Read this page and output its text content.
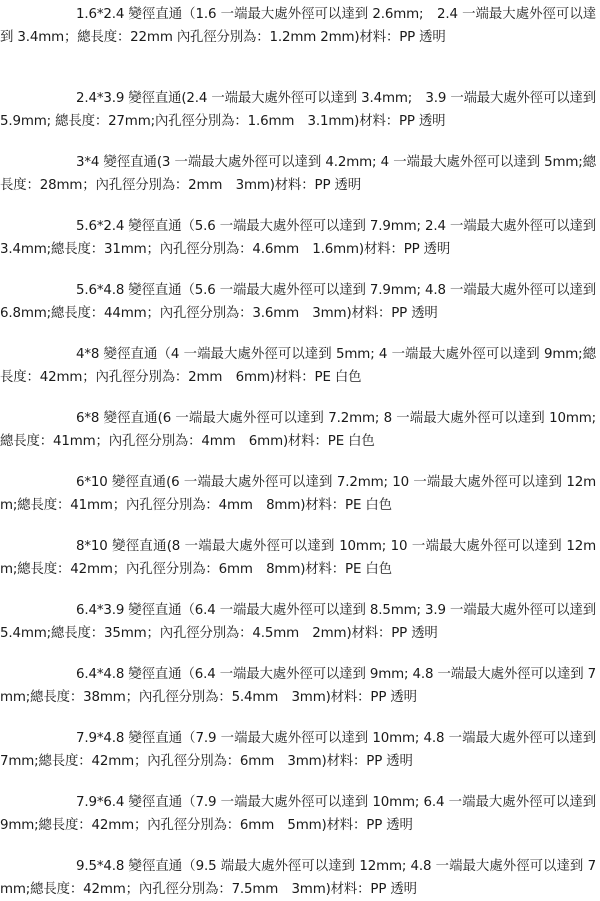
1.6*2.4 變徑直通（1.6 一端最大處外徑可以達到 2.6mm;　2.4 一端最大處外徑可以達到 3.4mm；總長度：22mm 內孔徑分別為：1.2mm 2mm)材料：PP 透明

2.4*3.9 變徑直通(2.4 一端最大處外徑可以達到 3.4mm;　3.9 一端最大處外徑可以達到 5.9mm; 總長度：27mm;內孔徑分別為：1.6mm　3.1mm)材料：PP 透明

3*4 變徑直通(3 一端最大處外徑可以達到 4.2mm; 4 一端最大處外徑可以達到 5mm;總長度：28mm；內孔徑分別為：2mm　3mm)材料：PP 透明

5.6*2.4 變徑直通（5.6 一端最大處外徑可以達到 7.9mm; 2.4 一端最大處外徑可以達到 3.4mm;總長度：31mm；內孔徑分別為：4.6mm　1.6mm)材料：PP 透明

5.6*4.8 變徑直通（5.6 一端最大處外徑可以達到 7.9mm; 4.8 一端最大處外徑可以達到 6.8mm;總長度：44mm；內孔徑分別為：3.6mm　3mm)材料：PP 透明

4*8 變徑直通（4 一端最大處外徑可以達到 5mm; 4 一端最大處外徑可以達到 9mm;總長度：42mm；內孔徑分別為：2mm　6mm)材料：PE 白色

6*8 變徑直通(6 一端最大處外徑可以達到 7.2mm; 8 一端最大處外徑可以達到 10mm;總長度：41mm；內孔徑分別為：4mm　6mm)材料：PE 白色

6*10 變徑直通(6 一端最大處外徑可以達到 7.2mm; 10 一端最大處外徑可以達到 12mm;總長度：41mm；內孔徑分別為：4mm　8mm)材料：PE 白色

8*10 變徑直通(8 一端最大處外徑可以達到 10mm; 10 一端最大處外徑可以達到 12mm;總長度：42mm；內孔徑分別為：6mm　8mm)材料：PE 白色

6.4*3.9 變徑直通（6.4 一端最大處外徑可以達到 8.5mm; 3.9 一端最大處外徑可以達到 5.4mm;總長度：35mm；內孔徑分別為：4.5mm　2mm)材料：PP 透明

6.4*4.8 變徑直通（6.4 一端最大處外徑可以達到 9mm; 4.8 一端最大處外徑可以達到 7mm;總長度：38mm；內孔徑分別為：5.4mm　3mm)材料：PP 透明

7.9*4.8 變徑直通（7.9 一端最大處外徑可以達到 10mm; 4.8 一端最大處外徑可以達到 7mm;總長度：42mm；內孔徑分別為：6mm　3mm)材料：PP 透明

7.9*6.4 變徑直通（7.9 一端最大處外徑可以達到 10mm; 6.4 一端最大處外徑可以達到 9mm;總長度：42mm；內孔徑分別為：6mm　5mm)材料：PP 透明

9.5*4.8 變徑直通（9.5 端最大處外徑可以達到 12mm; 4.8 一端最大處外徑可以達到 7mm;總長度：42mm；內孔徑分別為：7.5mm　3mm)材料：PP 透明
